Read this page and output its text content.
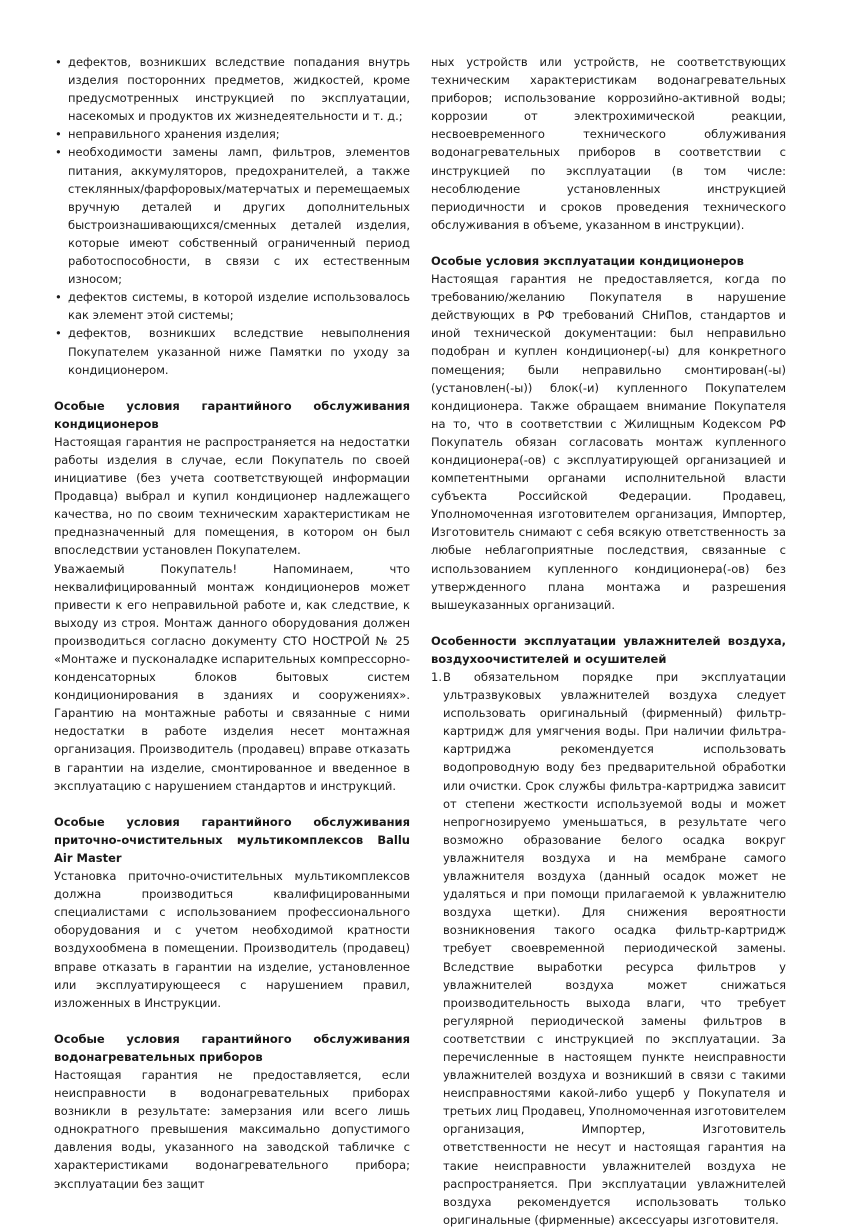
• дефектов, возникших вследствие попадания внутрь изделия посторонних предметов, жидкостей, кроме предусмотренных инструкцией по эксплуатации, насекомых и продуктов их жизнедеятельности и т. д.;
• неправильного хранения изделия;
• необходимости замены ламп, фильтров, элементов питания, аккумуляторов, предохранителей, а также стеклянных/фарфоровых/матерчатых и перемещаемых вручную деталей и других дополнительных быстроизнашивающихся/сменных деталей изделия, которые имеют собственный ограниченный период работоспособности, в связи с их естественным износом;
• дефектов системы, в которой изделие использовалось как элемент этой системы;
• дефектов, возникших вследствие невыполнения Покупателем указанной ниже Памятки по уходу за кондиционером.
Особые условия гарантийного обслуживания кондиционеров

Настоящая гарантия не распространяется на недостатки работы изделия в случае, если Покупатель по своей инициативе (без учета соответствующей информации Продавца) выбрал и купил кондиционер надлежащего качества, но по своим техническим характеристикам не предназначенный для помещения, в котором он был впоследствии установлен Покупателем.

Уважаемый Покупатель! Напоминаем, что неквалифицированный монтаж кондиционеров может привести к его неправильной работе и, как следствие, к выходу из строя. Монтаж данного оборудования должен производиться согласно документу СТО НОСТРОЙ № 25 «Монтаже и пусконаладке испарительных компрессорно-конденсаторных блоков бытовых систем кондиционирования в зданиях и сооружениях». Гарантию на монтажные работы и связанные с ними недостатки в работе изделия несет монтажная организация. Производитель (продавец) вправе отказать в гарантии на изделие, смонтированное и введенное в эксплуатацию с нарушением стандартов и инструкций.

Особые условия гарантийного обслуживания приточно-очистительных мультикомплексов Ballu Air Master

Установка приточно-очистительных мультикомплексов должна производиться квалифицированными специалистами с использованием профессионального оборудования и с учетом необходимой кратности воздухообмена в помещении. Производитель (продавец) вправе отказать в гарантии на изделие, установленное или эксплуатирующееся с нарушением правил, изложенных в Инструкции.

Особые условия гарантийного обслуживания водонагревательных приборов

Настоящая гарантия не предоставляется, если неисправности в водонагревательных приборах возникли в результате: замерзания или всего лишь однократного превышения максимально допустимого давления воды, указанного на заводской табличке с характеристиками водонагревательного прибора; эксплуатации без защит

ных устройств или устройств, не соответствующих техническим характеристикам водонагревательных приборов; использование коррозийно-активной воды; коррозии от электрохимической реакции, несвоевременного технического облуживания водонагревательных приборов в соответствии с инструкцией по эксплуатации (в том числе: несоблюдение установленных инструкцией периодичности и сроков проведения технического обслуживания в объеме, указанном в инструкции).

Особые условия эксплуатации кондиционеров

Настоящая гарантия не предоставляется, когда по требованию/желанию Покупателя в нарушение действующих в РФ требований СНиПов, стандартов и иной технической документации: был неправильно подобран и куплен кондиционер(-ы) для конкретного помещения; были неправильно смонтирован(-ы) (установлен(-ы)) блок(-и) купленного Покупателем кондиционера. Также обращаем внимание Покупателя на то, что в соответствии с Жилищным Кодексом РФ Покупатель обязан согласовать монтаж купленного кондиционера(-ов) с эксплуатирующей организацией и компетентными органами исполнительной власти субъекта Российской Федерации. Продавец, Уполномоченная изготовителем организация, Импортер, Изготовитель снимают с себя всякую ответственность за любые неблагоприятные последствия, связанные с использованием купленного кондиционера(-ов) без утвержденного плана монтажа и разрешения вышеуказанных организаций.

Особенности эксплуатации увлажнителей воздуха, воздухоочистителей и осушителей
1. В обязательном порядке при эксплуатации ультразвуковых увлажнителей воздуха следует использовать оригинальный (фирменный) фильтр-картридж для умягчения воды. При наличии фильтра-картриджа рекомендуется использовать водопроводную воду без предварительной обработки или очистки. Срок службы фильтра-картриджа зависит от степени жесткости используемой воды и может непрогнозируемо уменьшаться, в результате чего возможно образование белого осадка вокруг увлажнителя воздуха и на мембране самого увлажнителя воздуха (данный осадок может не удаляться и при помощи прилагаемой к увлажнителю воздуха щетки). Для снижения вероятности возникновения такого осадка фильтр-картридж требует своевременной периодической замены. Вследствие выработки ресурса фильтров у увлажнителей воздуха может снижаться производительность выхода влаги, что требует регулярной периодической замены фильтров в соответствии с инструкцией по эксплуатации. За перечисленные в настоящем пункте неисправности увлажнителей воздуха и возникший в связи с такими неисправностями какой-либо ущерб у Покупателя и третьих лиц Продавец, Уполномоченная изготовителем организация, Импортер, Изготовитель ответственности не несут и настоящая гарантия на такие неисправности увлажнителей воздуха не распространяется. При эксплуатации увлажнителей воздуха рекомендуется использовать только оригинальные (фирменные) аксессуары изготовителя.
